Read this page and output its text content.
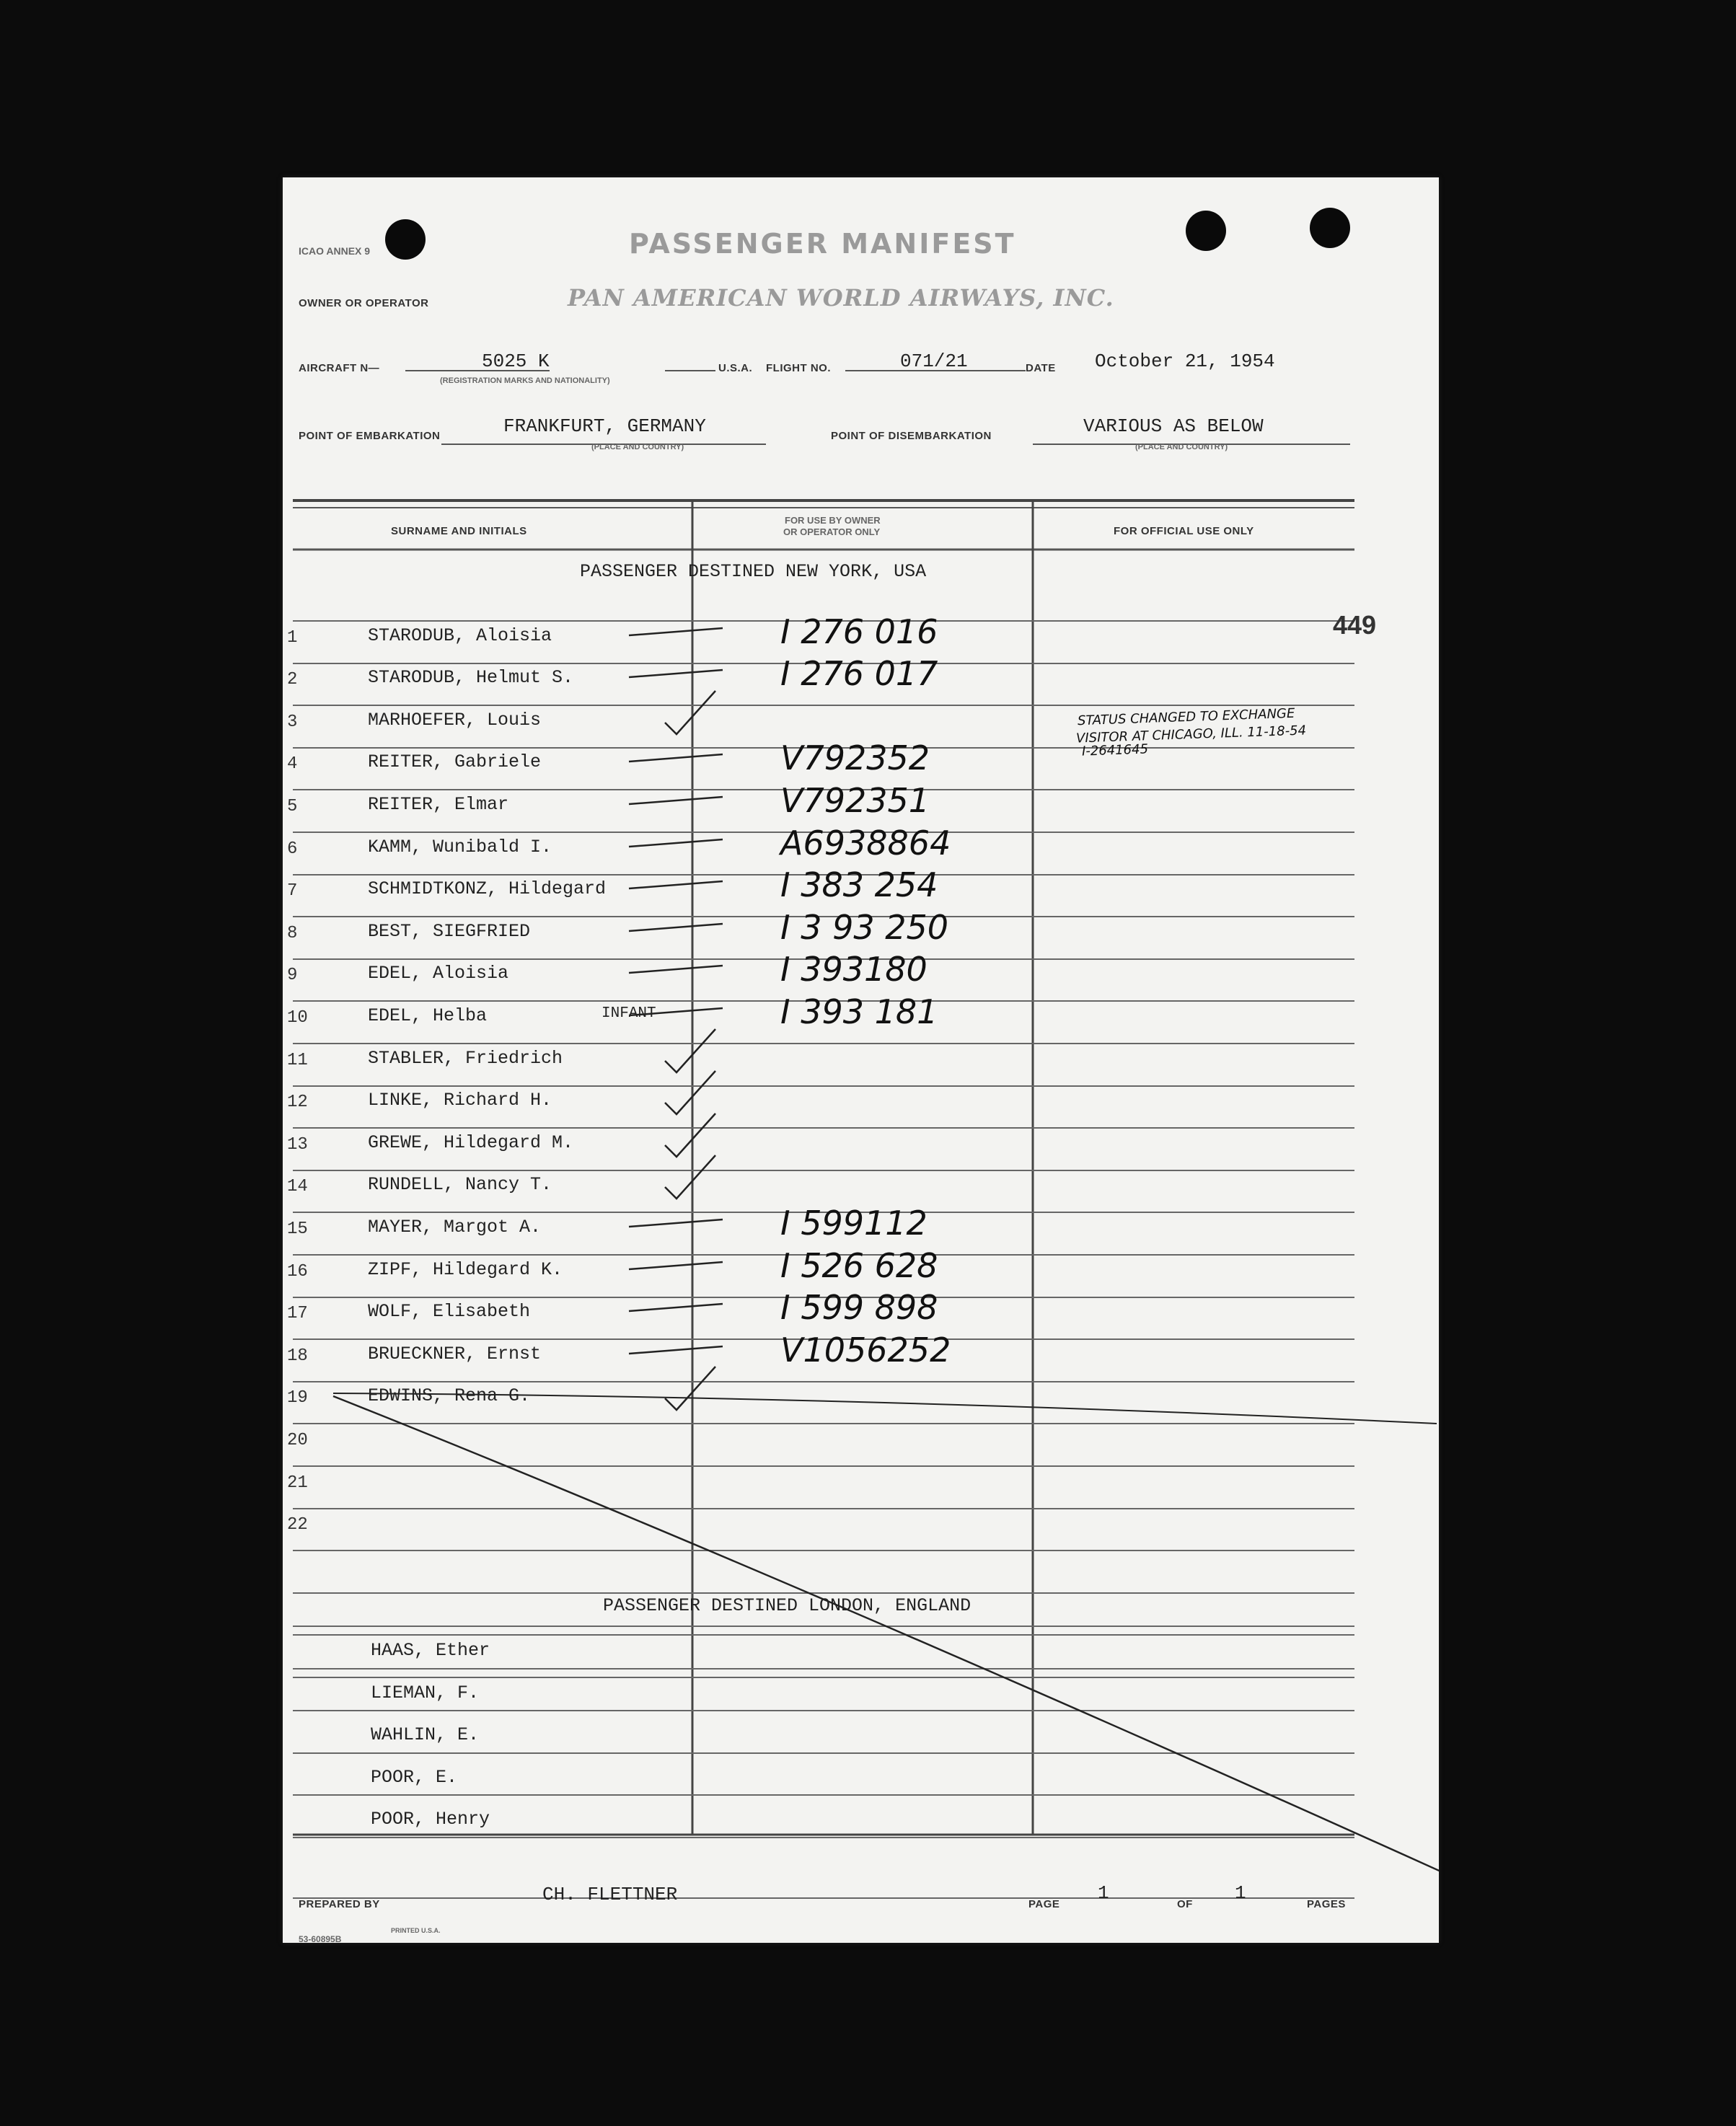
ICAO ANNEX 9	PASSENGER MANIFEST
OWNER OR OPERATOR	PAN AMERICAN WORLD AIRWAYS, INC.
AIRCRAFT N—	5025 K
(REGISTRATION MARKS AND NATIONALITY)
U.S.A. FLIGHT NO.	071/21	DATE October 21, 1954
POINT OF EMBARKATION	FRANKFURT, GERMANY
(PLACE AND COUNTRY)
POINT OF DISEMBARKATION	VARIOUS AS BELOW
(PLACE AND COUNTRY)
SURNAME AND INITIALS
FOR USE BY OWNER
OR OPERATOR ONLY	FOR OFFICIAL USE ONLY
PASSENGER DESTINED NEW YORK, USA
PASSENGER DESTINED LONDON, ENGLAND
449
1	STARODUB, Aloisia	I 276 016
2	STARODUB, Helmut S.	I 276 017
3	MARHOEFER, Louis
4	REITER, Gabriele	V792352
5	REITER, Elmar	V792351
6	KAMM, Wunibald I.	A6938864
7	SCHMIDTKONZ, Hildegard	I 383 254
8	BEST, SIEGFRIED	I 3 93 250
9	EDEL, Aloisia	I 393180
10	EDEL, Helba	INFANT	I 393 181
11	STABLER, Friedrich
12	LINKE, Richard H.
13	GREWE, Hildegard M.
14	RUNDELL, Nancy T.
15	MAYER, Margot A.	I 599112
16	ZIPF, Hildegard K.	I 526 628
17	WOLF, Elisabeth	I 599 898
18	BRUECKNER, Ernst	V1056252
19	EDWINS, Rena G.
20
21
22
HAAS, Ether
LIEMAN, F.
WAHLIN, E.
POOR, E.
POOR, Henry
STATUS CHANGED TO EXCHANGE
VISITOR AT CHICAGO, ILL. 11-18-54
I-2641645
PREPARED BY	CH. FLETTNER	PAGE
1
OF
1
PAGES
53-60895B
PRINTED U.S.A.
